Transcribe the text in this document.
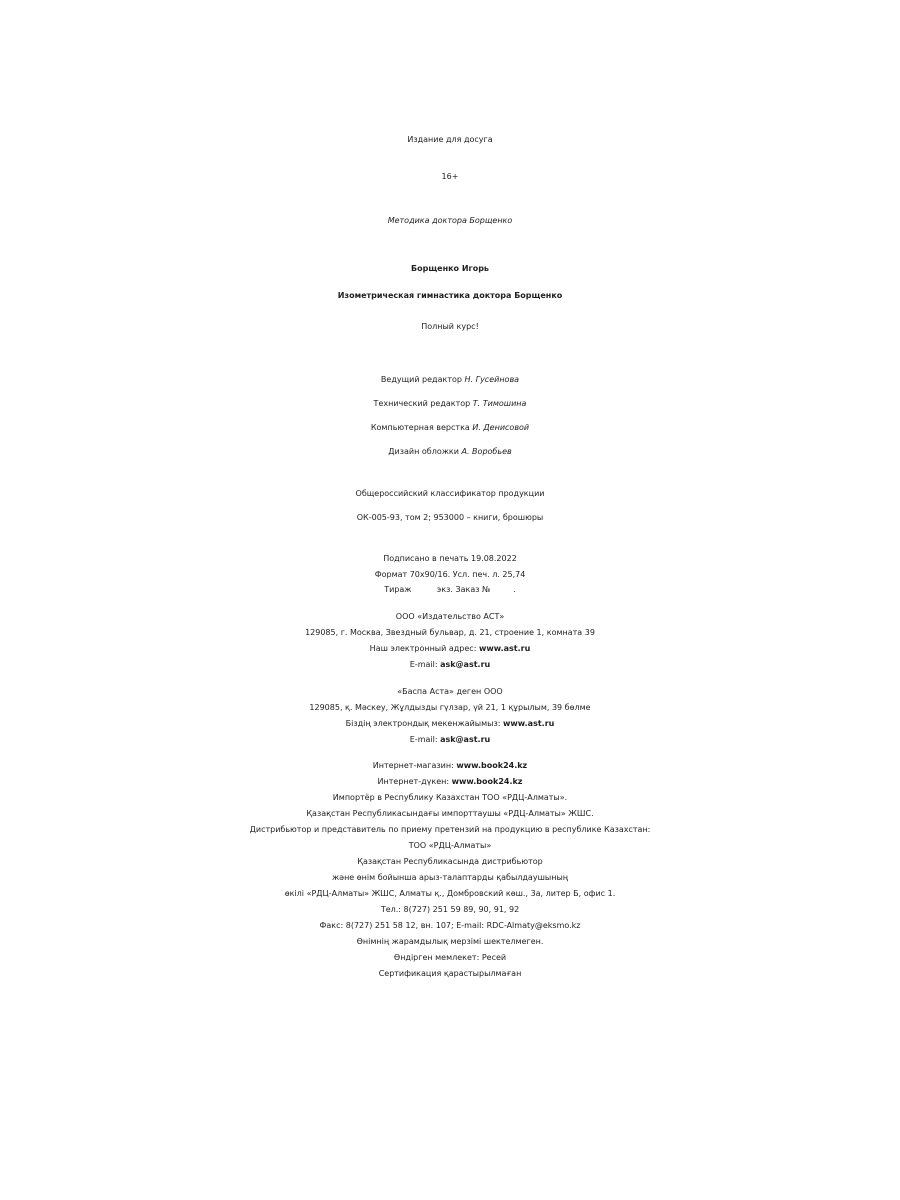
Издание для досуга
16+
Методика доктора Борщенко
Борщенко Игорь
Изометрическая гимнастика доктора Борщенко
Полный курс!
Ведущий редактор Н. Гусейнова
Технический редактор Т. Тимошина
Компьютерная верстка И. Денисовой
Дизайн обложки А. Воробьев
Общероссийский классификатор продукции
ОК-005-93, том 2; 953000 – книги, брошюры
Подписано в печать 19.08.2022
Формат 70х90/16. Усл. печ. л. 25,74
Тираж          экз. Заказ №         .
ООО «Издательство АСТ»
129085, г. Москва, Звездный бульвар, д. 21, строение 1, комната 39
Наш электронный адрес: www.ast.ru
E-mail: ask@ast.ru
«Баспа Аста» деген ООО
129085, қ. Мәскеу, Жұлдызды гүлзар, үй 21, 1 құрылым, 39 бөлме
Біздің электрондық мекенжайымыз: www.ast.ru
E-mail: ask@ast.ru
Интернет-магазин: www.book24.kz
Интернет-дүкен: www.book24.kz
Импортёр в Республику Казахстан ТОО «РДЦ-Алматы».
Қазақстан Республикасындағы импорттаушы «РДЦ-Алматы» ЖШС.
Дистрибьютор и представитель по приему претензий на продукцию в республике Казахстан:
ТОО «РДЦ-Алматы»
Қазақстан Республикасында дистрибьютор
және өнім бойынша арыз-талаптарды қабылдаушының
өкілі «РДЦ-Алматы» ЖШС, Алматы қ., Домбровский көш., 3а, литер Б, офис 1.
Тел.: 8(727) 251 59 89, 90, 91, 92
Факс: 8(727) 251 58 12, вн. 107; E-mail: RDC-Almaty@eksmo.kz
Өнімнің жарамдылық мерзімі шектелмеген.
Өндірген мемлекет: Ресей
Сертификация қарастырылмаған
